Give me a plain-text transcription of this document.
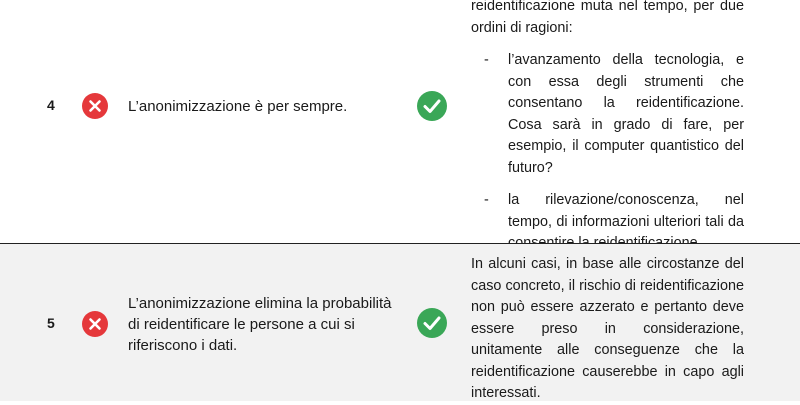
4	L’anonimizzazione è per sempre.

reidentificazione muta nel tempo, per due ordini di ragioni:

- l’avanzamento della tecnologia, e con essa degli strumenti che consentano la reidentificazione. Cosa sarà in grado di fare, per esempio, il computer quantistico del futuro?
- la rilevazione/conoscenza, nel tempo, di informazioni ulteriori tali da
5
L’anonimizzazione elimina la probabilità di reidentificare le persone a cui si riferiscono i dati.

In alcuni casi, in base alle circostanze del caso concreto, il rischio di reidentificazione non può essere azzerato e pertanto deve essere preso in considerazione, unitamente alle conseguenze che la reidentificazione causerebbe in capo agli interessati.
